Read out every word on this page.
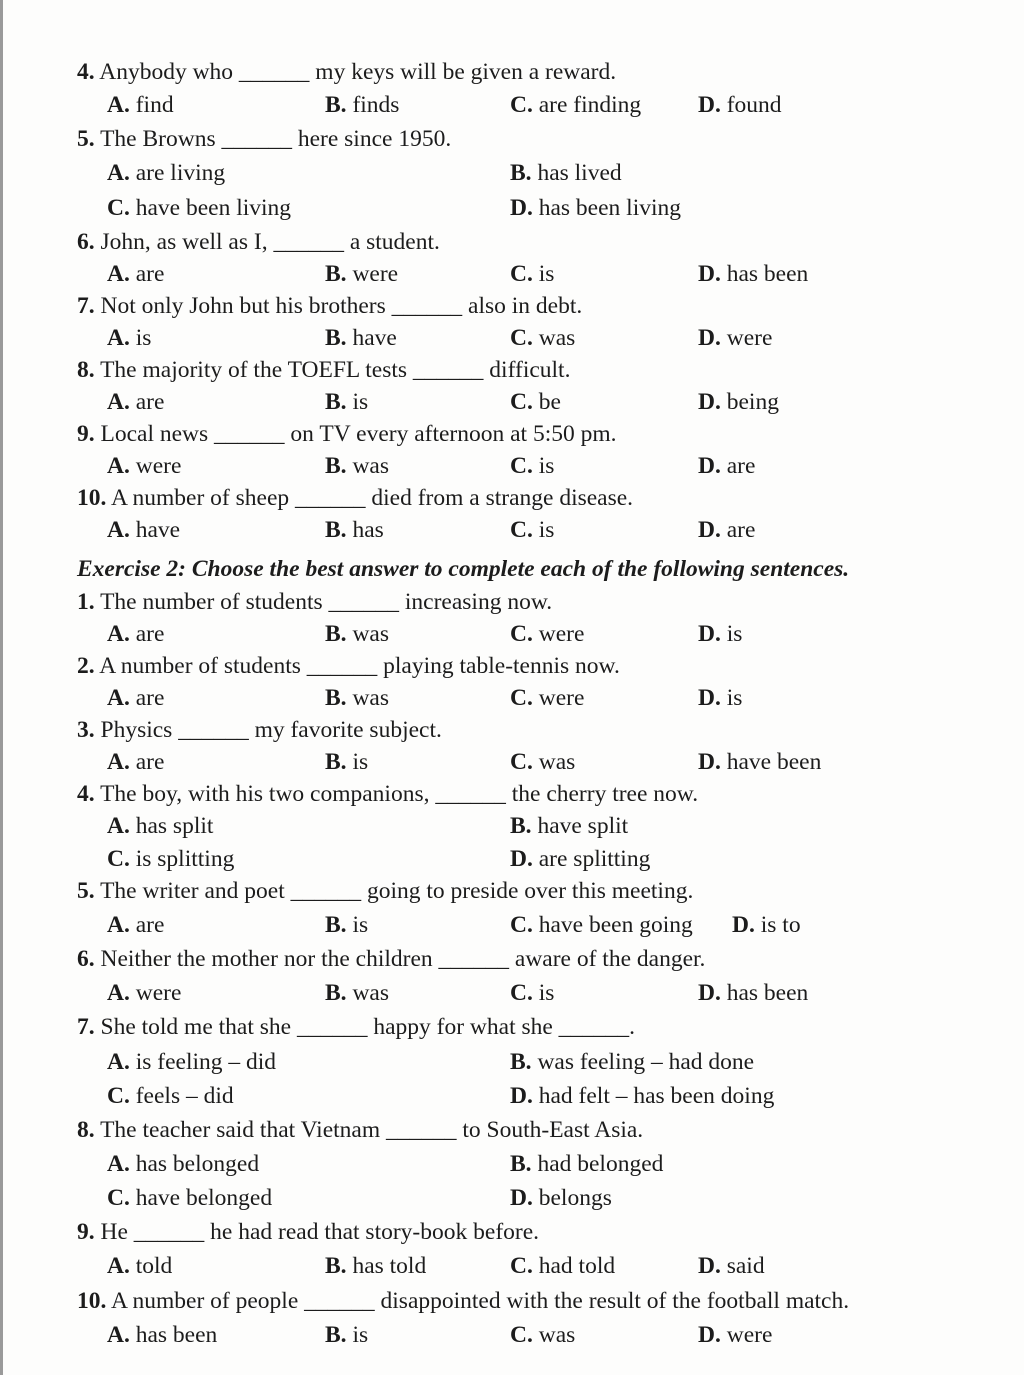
4. Anybody who ______ my keys will be given a reward.
A. find	B. finds	C. are finding D. found
5. The Browns ______ here since 1950.
A. are living	B. has lived
C. have been living	D. has been living
6. John, as well as I, ______ a student.
A. are	B. were	C. is	D. has been
7. Not only John but his brothers ______ also in debt.
A. is	B. have	C. was	D. were
8. The majority of the TOEFL tests ______ difficult.
A. are	B. is	C. be	D. being
9. Local news ______ on TV every afternoon at 5:50 pm.
A. were	B. was	C. is	D. are
10. A number of sheep ______ died from a strange disease.
A. have	B. has	C. is	D. are
Exercise 2: Choose the best answer to complete each of the following sentences.
1. The number of students ______ increasing now.
A. are	B. was	C. were	D. is
2. A number of students ______ playing table-tennis now.
A. are	B. was	C. were	D. is
3. Physics ______ my favorite subject.
A. are	B. is	C. was	D. have been
4. The boy, with his two companions, ______ the cherry tree now.
A. has split	B. have split
C. is splitting	D. are splitting
5. The writer and poet ______ going to preside over this meeting.
A. are	B. is	C. have been going D. is to
6. Neither the mother nor the children ______ aware of the danger.
A. were	B. was	C. is	D. has been
7. She told me that she ______ happy for what she ______.
A. is feeling – did	B. was feeling – had done
C. feels – did	D. had felt – has been doing
8. The teacher said that Vietnam ______ to South-East Asia.
A. has belonged	B. had belonged
C. have belonged	D. belongs
9. He ______ he had read that story-book before.
A. told	B. has told	C. had told	D. said
10. A number of people ______ disappointed with the result of the football match.
A. has been	B. is	C. was	D. were
